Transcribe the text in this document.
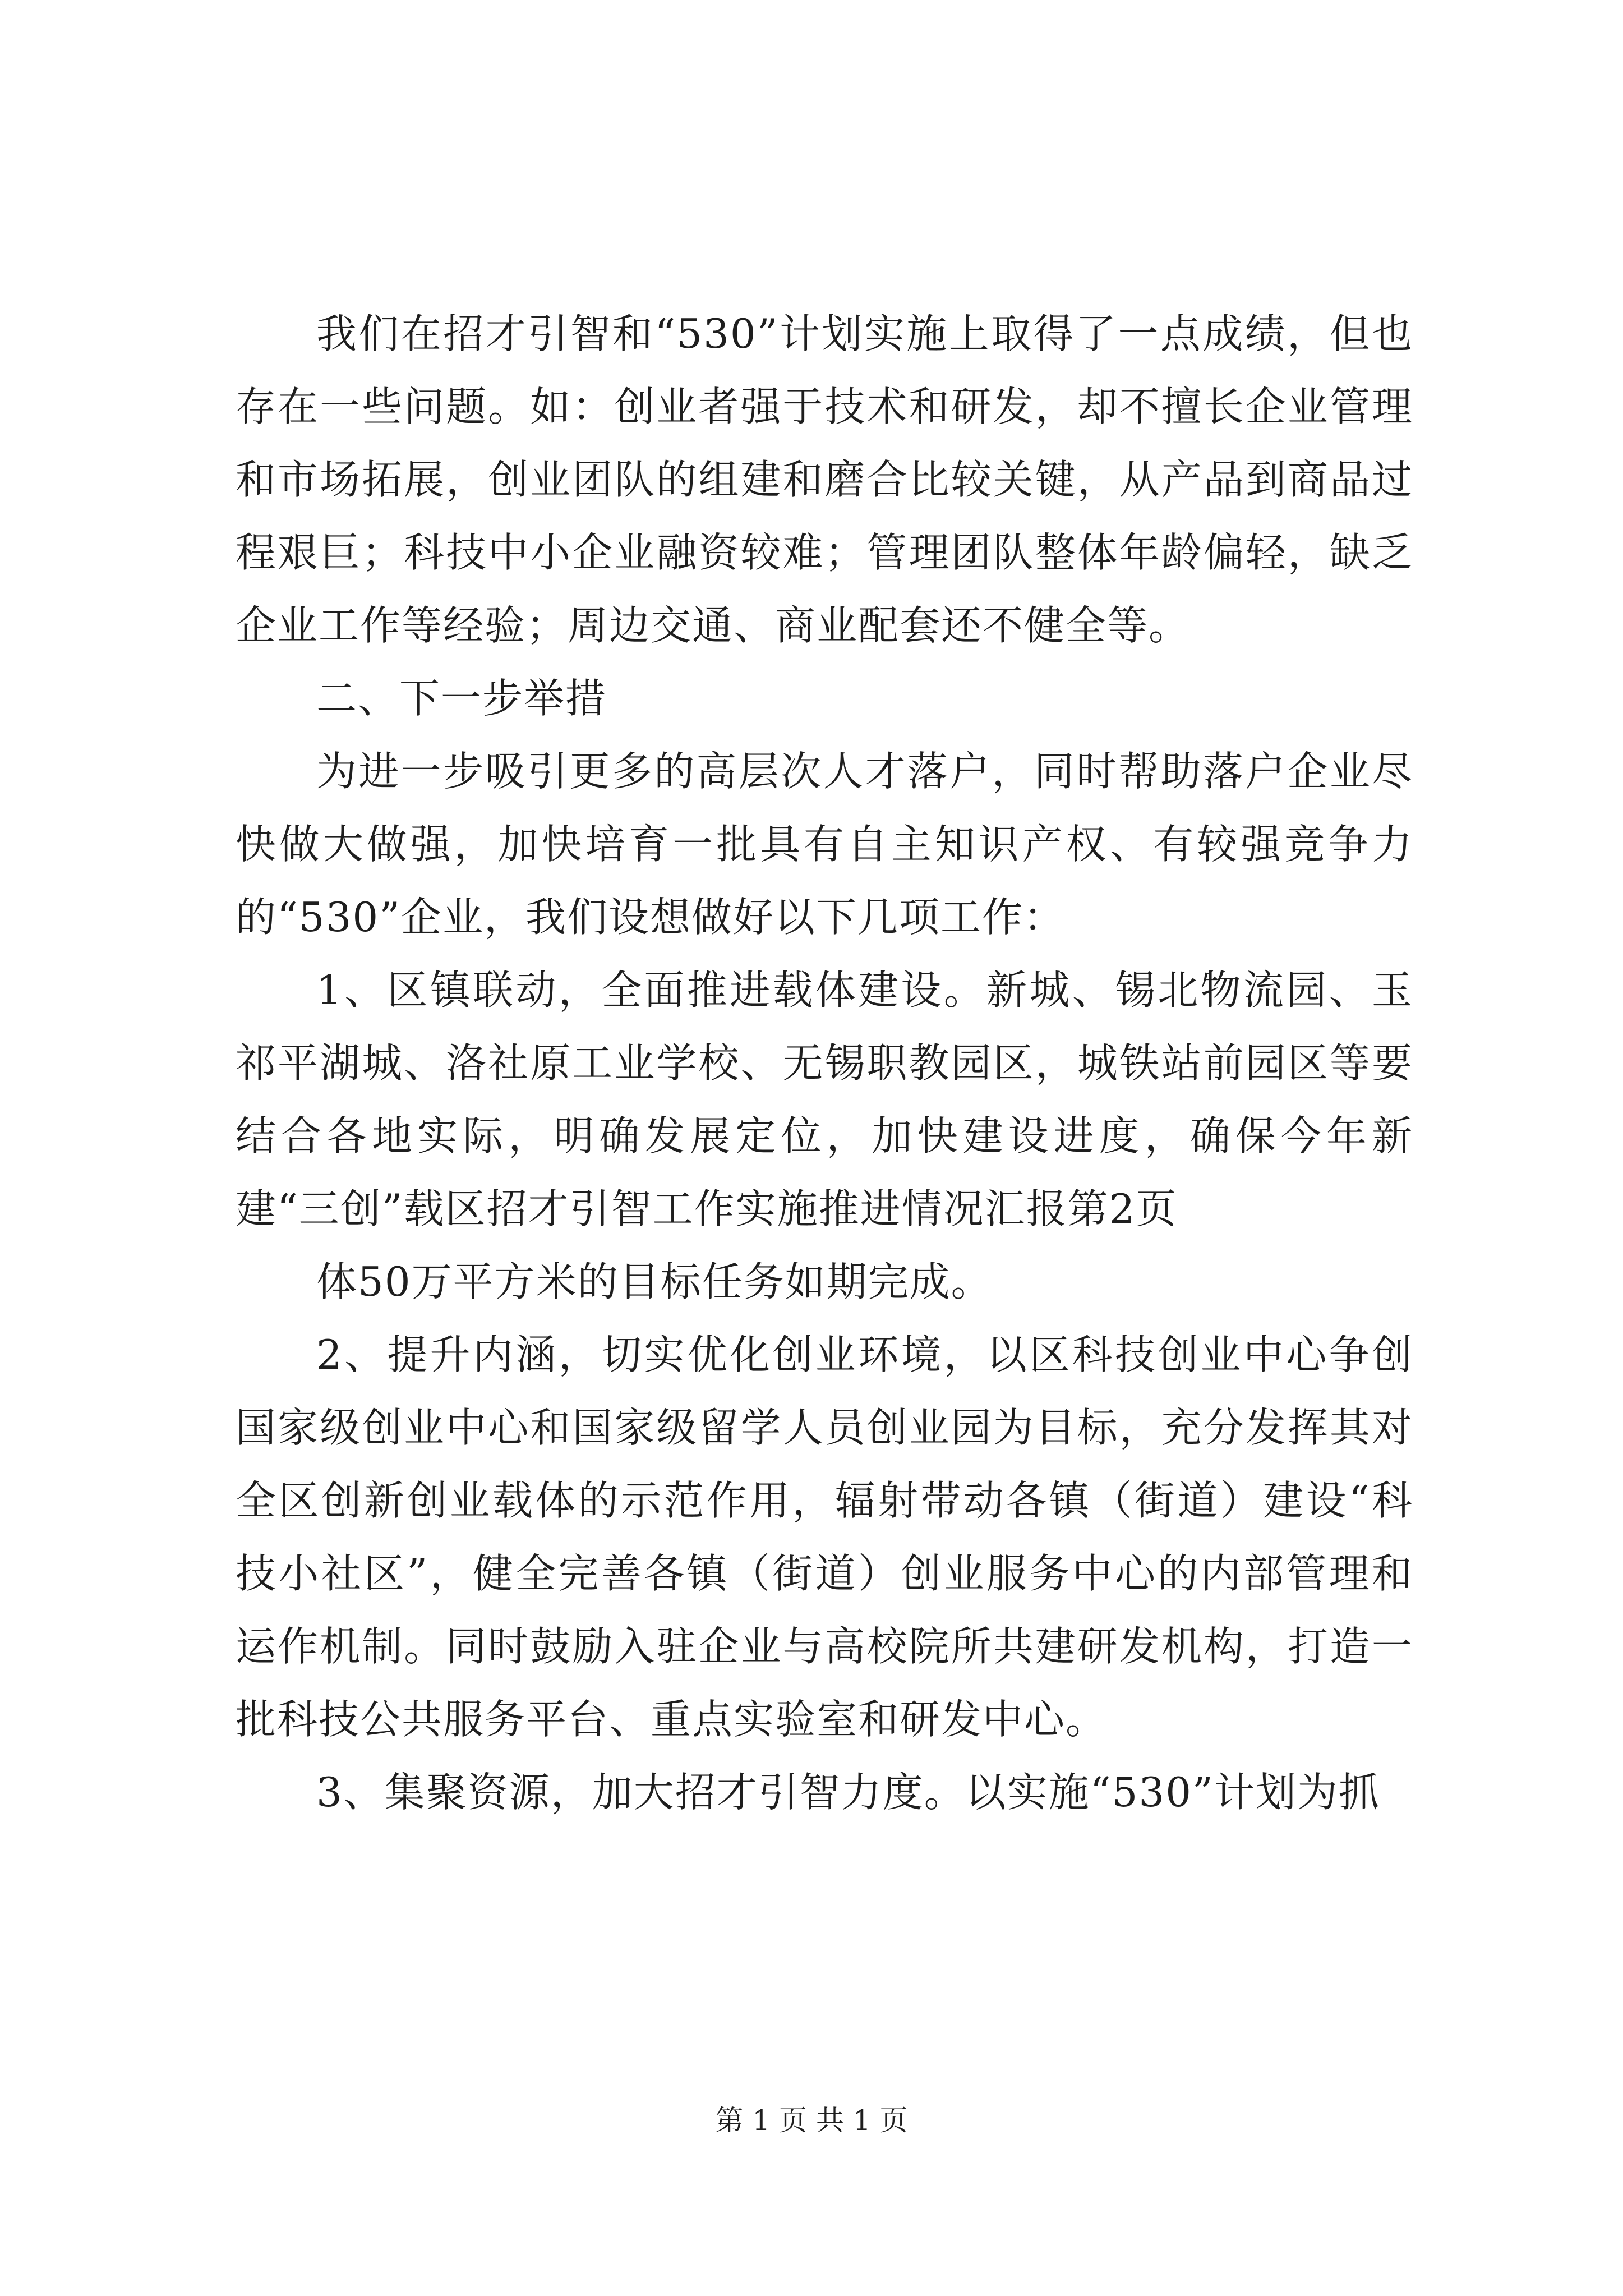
我们在招才引智和“530”计划实施上取得了一点成绩，但也存在一些问题。如：创业者强于技术和研发，却不擅长企业管理和市场拓展，创业团队的组建和磨合比较关键，从产品到商品过程艰巨；科技中小企业融资较难；管理团队整体年龄偏轻，缺乏企业工作等经验；周边交通、商业配套还不健全等。

二、下一步举措

为进一步吸引更多的高层次人才落户，同时帮助落户企业尽快做大做强，加快培育一批具有自主知识产权、有较强竞争力的“530”企业，我们设想做好以下几项工作：

1、区镇联动，全面推进载体建设。新城、锡北物流园、玉祁平湖城、洛社原工业学校、无锡职教园区，城铁站前园区等要结合各地实际，明确发展定位，加快建设进度，确保今年新建“三创”载区招才引智工作实施推进情况汇报第2页

体50万平方米的目标任务如期完成。

2、提升内涵，切实优化创业环境，以区科技创业中心争创国家级创业中心和国家级留学人员创业园为目标，充分发挥其对全区创新创业载体的示范作用，辐射带动各镇（街道）建设“科技小社区”，健全完善各镇（街道）创业服务中心的内部管理和运作机制。同时鼓励入驻企业与高校院所共建研发机构，打造一批科技公共服务平台、重点实验室和研发中心。

3、集聚资源，加大招才引智力度。以实施“530”计划为抓

第 1 页 共 1 页
